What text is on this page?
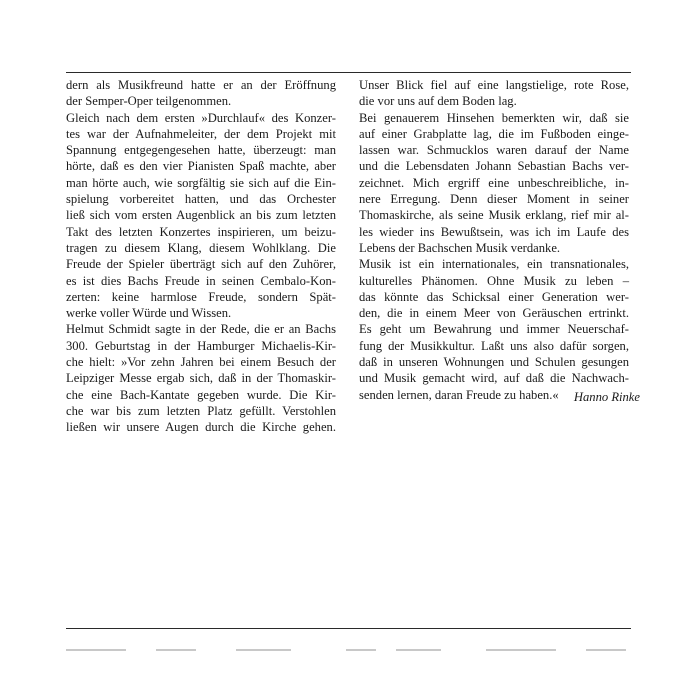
dern als Musikfreund hatte er an der Eröffnung
der Semper-Oper teilgenommen.
Gleich nach dem ersten »Durchlauf« des Konzer-
tes war der Aufnahmeleiter, der dem Projekt mit
Spannung entgegengesehen hatte, überzeugt: man
hörte, daß es den vier Pianisten Spaß machte, aber
man hörte auch, wie sorgfältig sie sich auf die Ein-
spielung vorbereitet hatten, und das Orchester
ließ sich vom ersten Augenblick an bis zum letzten
Takt des letzten Konzertes inspirieren, um beizu-
tragen zu diesem Klang, diesem Wohlklang. Die
Freude der Spieler überträgt sich auf den Zuhörer,
es ist dies Bachs Freude in seinen Cembalo-Kon-
zerten: keine harmlose Freude, sondern Spät-
werke voller Würde und Wissen.
Helmut Schmidt sagte in der Rede, die er an Bachs
300. Geburtstag in der Hamburger Michaelis-Kir-
che hielt: »Vor zehn Jahren bei einem Besuch der
Leipziger Messe ergab sich, daß in der Thomaskir-
che eine Bach-Kantate gegeben wurde. Die Kir-
che war bis zum letzten Platz gefüllt. Verstohlen
ließen wir unsere Augen durch die Kirche gehen.
Unser Blick fiel auf eine langstielige, rote Rose,
die vor uns auf dem Boden lag.
Bei genauerem Hinsehen bemerkten wir, daß sie
auf einer Grabplatte lag, die im Fußboden einge-
lassen war. Schmucklos waren darauf der Name
und die Lebensdaten Johann Sebastian Bachs ver-
zeichnet. Mich ergriff eine unbeschreibliche, in-
nere Erregung. Denn dieser Moment in seiner
Thomaskirche, als seine Musik erklang, rief mir al-
les wieder ins Bewußtsein, was ich im Laufe des
Lebens der Bachschen Musik verdanke.
Musik ist ein internationales, ein transnationales,
kulturelles Phänomen. Ohne Musik zu leben –
das könnte das Schicksal einer Generation wer-
den, die in einem Meer von Geräuschen ertrinkt.
Es geht um Bewahrung und immer Neuerschaf-
fung der Musikkultur. Laßt uns also dafür sorgen,
daß in unseren Wohnungen und Schulen gesungen
und Musik gemacht wird, auf daß die Nachwach-
senden lernen, daran Freude zu haben.«	Hanno Rinke
